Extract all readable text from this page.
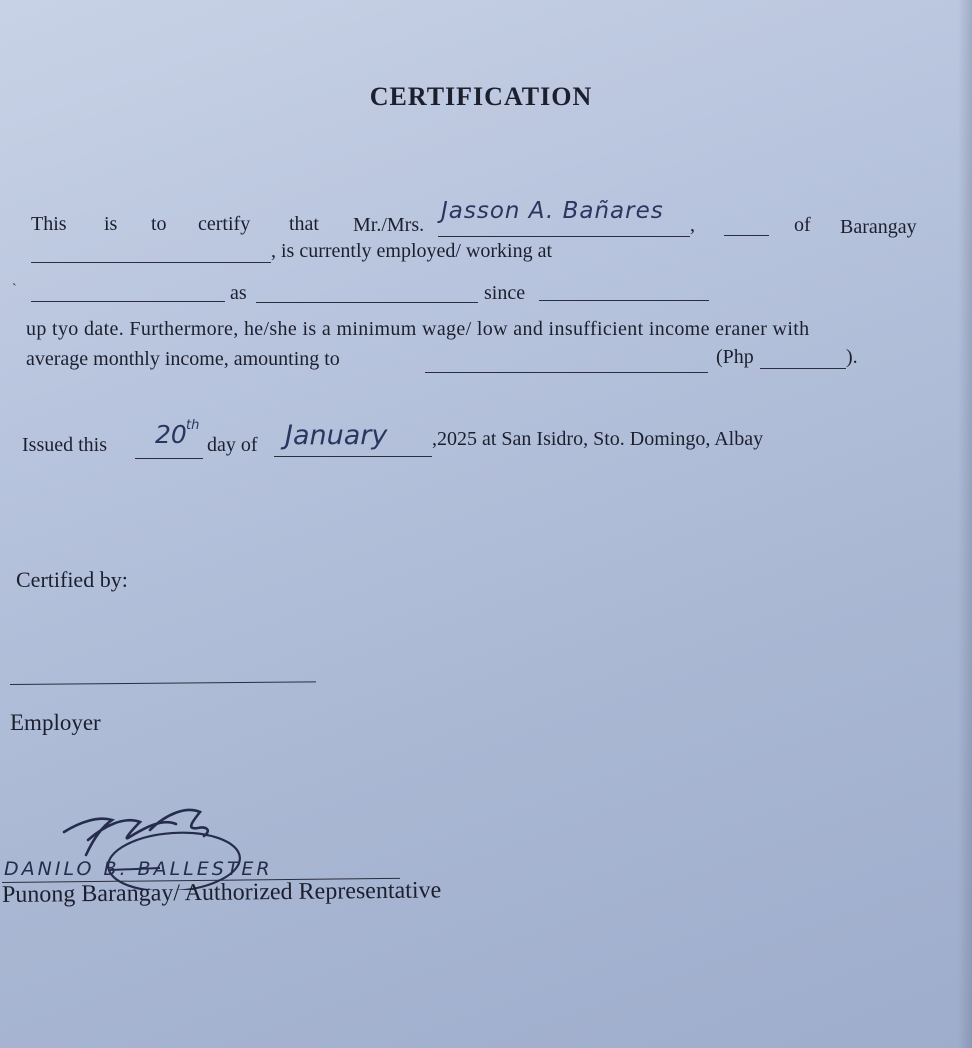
CERTIFICATION
This is to certify that Mr./Mrs.
Jasson A. Bañares
,	of Barangay
, is currently employed/ working at
`	as	since
up tyo date. Furthermore, he/she is a minimum wage/ low and insufficient income eraner with
average monthly income, amounting to	(Php	).
Issued this 20 th
day of January ,2025 at San Isidro, Sto. Domingo, Albay
Certified by:
Employer
DANILO B. BALLESTER
Punong Barangay/ Authorized Representative
